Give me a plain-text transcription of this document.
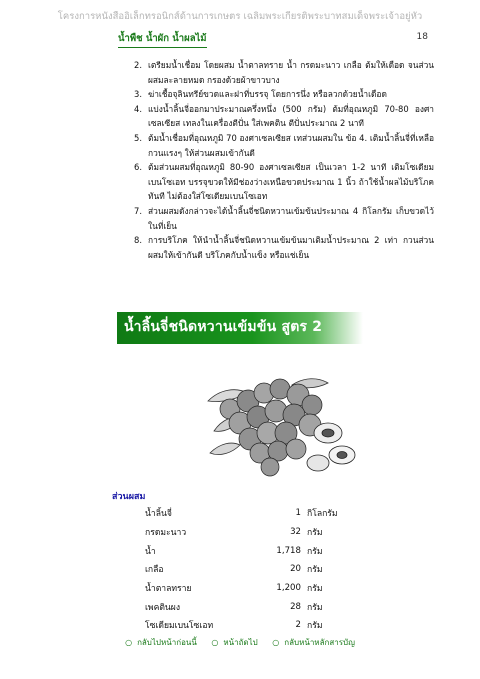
โครงการหนังสืออิเล็กทรอนิกส์ด้านการเกษตร เฉลิมพระเกียรติพระบาทสมเด็จพระเจ้าอยู่หัว
น้ำพืช น้ำผัก น้ำผลไม้	18
2. เตรียมน้ำเชื่อม โดยผสม น้ำตาลทราย น้ำ กรดมะนาว เกลือ ต้มให้เดือด จนส่วนผสมละลายหมด กรองด้วยผ้าขาวบาง
3. ฆ่าเชื้อจุลินทรีย์ขวดและฝาที่บรรจุ โดยการนึ่ง หรือลวกด้วยน้ำเดือด
4. แบ่งน้ำลิ้นจี่ออกมาประมาณครึ่งหนึ่ง (500 กรัม) ต้มที่อุณหภูมิ 70-80 องศาเซลเซียส เทลงในเครื่องตีปั่น ใส่เพคติน ตีปั่นประมาณ 2 นาที
5. ต้มน้ำเชื่อมที่อุณหภูมิ 70 องศาเซลเซียส เทส่วนผสมใน ข้อ 4. เติมน้ำลิ้นจี่ที่เหลือ กวนแรงๆ ให้ส่วนผสมเข้ากันดี
6. ต้มส่วนผสมที่อุณหภูมิ 80-90 องศาเซลเซียส เป็นเวลา 1-2 นาที เติมโซเดียมเบนโซเอท บรรจุขวดให้มีช่องว่างเหนือขวดประมาณ 1 นิ้ว ถ้าใช้น้ำผลไม้บริโภคทันที ไม่ต้องใส่โซเดียมเบนโซเอท
7. ส่วนผสมดังกล่าวจะได้น้ำลิ้นจี่ชนิดหวานเข้มข้นประมาณ 4 กิโลกรัม เก็บขวดไว้ในที่เย็น
8. การบริโภค ให้นำน้ำลิ้นจี่ชนิดหวานเข้มข้นมาเติมน้ำประมาณ 2 เท่า กวนส่วนผสมให้เข้ากันดี บริโภคกับน้ำแข็ง หรือแช่เย็น
น้ำลิ้นจี่ชนิดหวานเข้มข้น สูตร 2
ส่วนผสม
น้ำลิ้นจี่	1 กิโลกรัม
กรดมะนาว	32 กรัม
น้ำ	1,718 กรัม
เกลือ	20 กรัม
น้ำตาลทราย	1,200 กรัม
เพคตินผง	28 กรัม
โซเดียมเบนโซเอท	2 กรัม
○ กลับไปหน้าก่อนนี้ ○ หน้าถัดไป ○ กลับหน้าหลักสารบัญ
